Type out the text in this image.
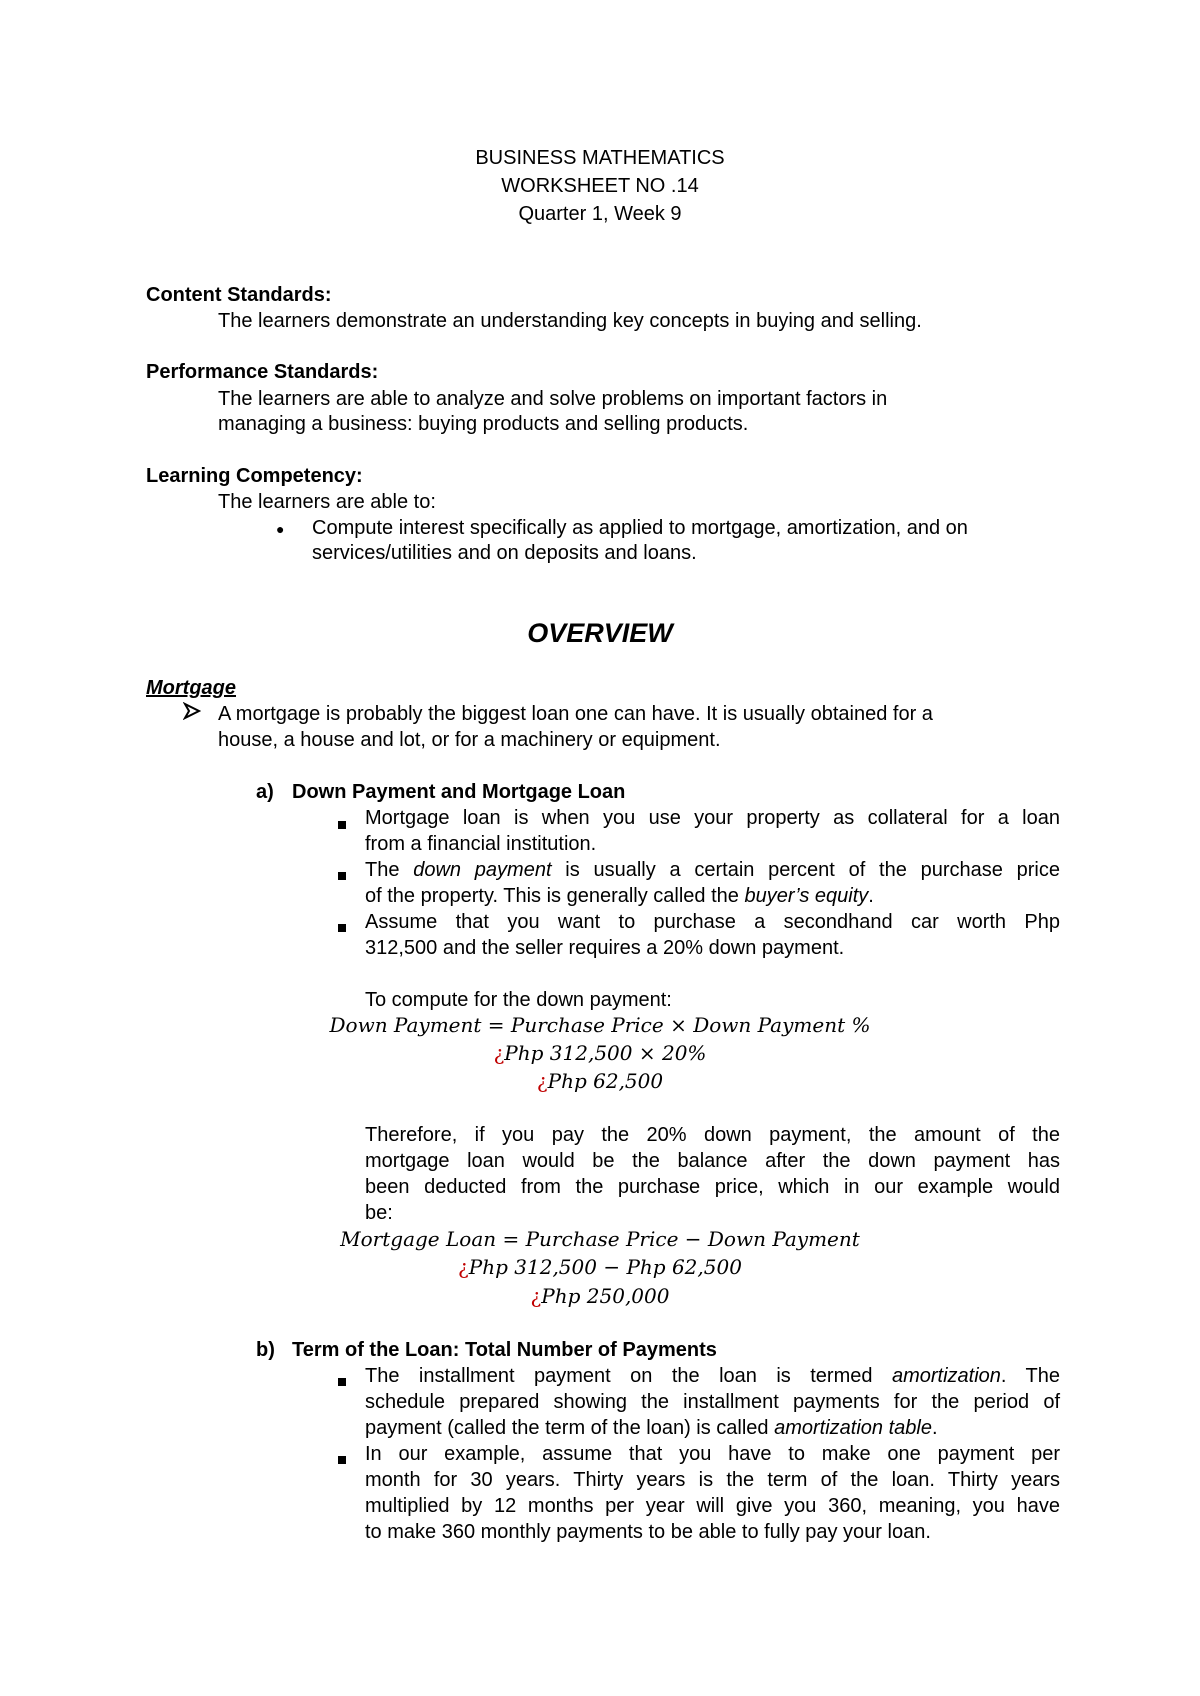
BUSINESS MATHEMATICS
WORKSHEET NO .14
Quarter 1, Week 9
Content Standards:
The learners demonstrate an understanding key concepts in buying and selling.
Performance Standards:
The learners are able to analyze and solve problems on important factors in
managing a business: buying products and selling products.
Learning Competency:
The learners are able to:
● Compute interest specifically as applied to mortgage, amortization, and on
services/utilities and on deposits and loans.
OVERVIEW
Mortgage
A mortgage is probably the biggest loan one can have. It is usually obtained for a
house, a house and lot, or for a machinery or equipment.
a) Down Payment and Mortgage Loan
Mortgage loan is when you use your property as collateral for a loan
from a financial institution.
The down payment is usually a certain percent of the purchase price
of the property. This is generally called the buyer’s equity.
Assume that you want to purchase a secondhand car worth Php
312,500 and the seller requires a 20% down payment.
To compute for the down payment:
Down Payment = Purchase Price × Down Payment %
¿Php 312,500 × 20%
¿Php 62,500
Therefore, if you pay the 20% down payment, the amount of the
mortgage loan would be the balance after the down payment has
been deducted from the purchase price, which in our example would
be:
Mortgage Loan = Purchase Price − Down Payment
¿Php 312,500 − Php 62,500
¿Php 250,000
b) Term of the Loan: Total Number of Payments
The installment payment on the loan is termed amortization. The
schedule prepared showing the installment payments for the period of
payment (called the term of the loan) is called amortization table.
In our example, assume that you have to make one payment per
month for 30 years. Thirty years is the term of the loan. Thirty years
multiplied by 12 months per year will give you 360, meaning, you have
to make 360 monthly payments to be able to fully pay your loan.
